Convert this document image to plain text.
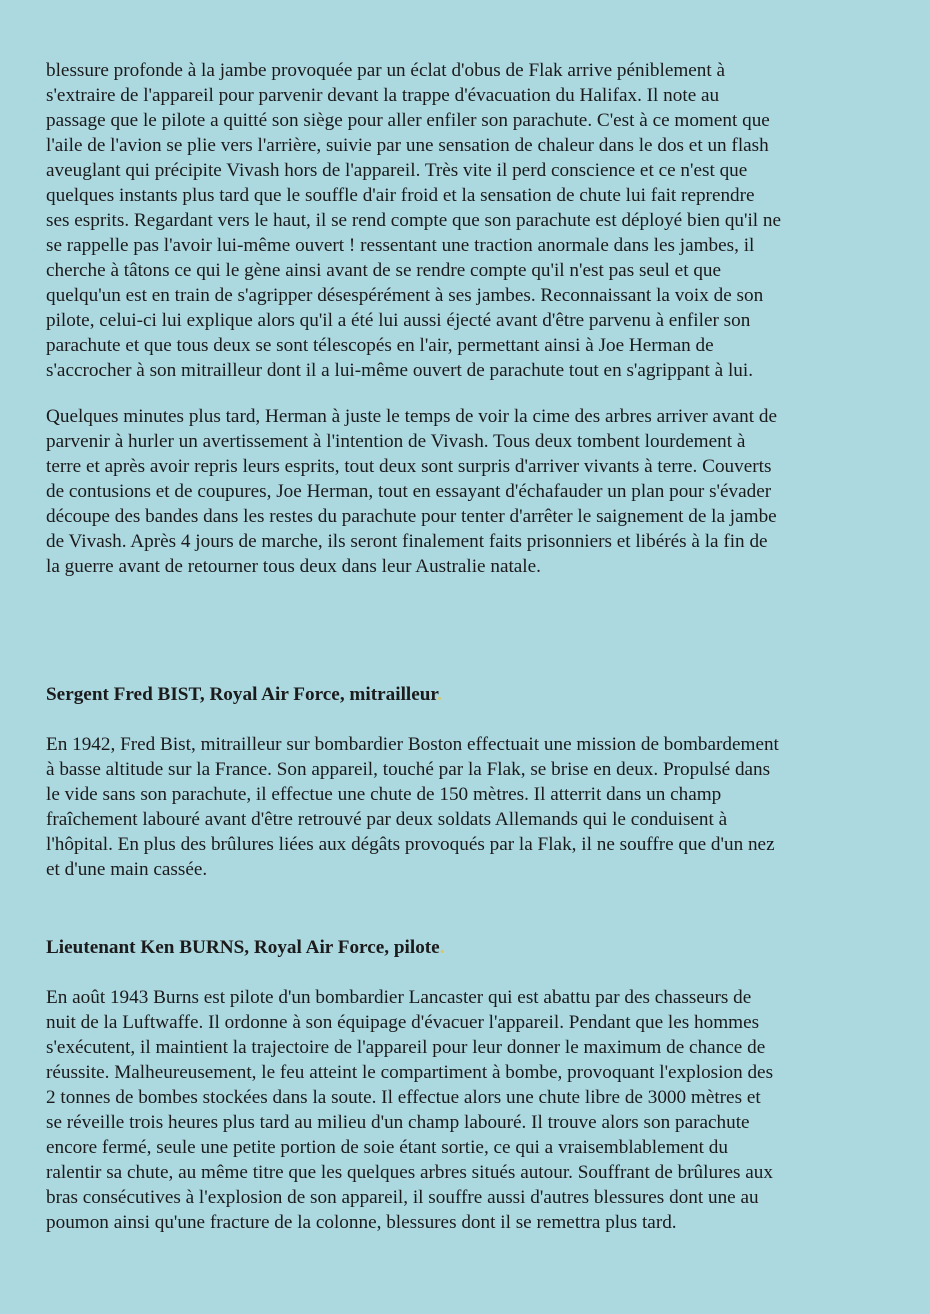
blessure profonde à la jambe provoquée par un éclat d'obus de Flak arrive péniblement à
s'extraire de l'appareil pour parvenir devant la trappe d'évacuation du Halifax. Il note au
passage que le pilote a quitté son siège pour aller enfiler son parachute. C'est à ce moment que
l'aile de l'avion se plie vers l'arrière, suivie par une sensation de chaleur dans le dos et un flash
aveuglant qui précipite Vivash hors de l'appareil. Très vite il perd conscience et ce n'est que
quelques instants plus tard que le souffle d'air froid et la sensation de chute lui fait reprendre
ses esprits. Regardant vers le haut, il se rend compte que son parachute est déployé bien qu'il ne
se rappelle pas l'avoir lui-même ouvert ! ressentant une traction anormale dans les jambes, il
cherche à tâtons ce qui le gène ainsi avant de se rendre compte qu'il n'est pas seul et que
quelqu'un est en train de s'agripper désespérément à ses jambes. Reconnaissant la voix de son
pilote, celui-ci lui explique alors qu'il a été lui aussi éjecté avant d'être parvenu à enfiler son
parachute et que tous deux se sont télescopés en l'air, permettant ainsi à Joe Herman de
s'accrocher à son mitrailleur dont il a lui-même ouvert de parachute tout en s'agrippant à lui.

Quelques minutes plus tard, Herman à juste le temps de voir la cime des arbres arriver avant de
parvenir à hurler un avertissement à l'intention de Vivash. Tous deux tombent lourdement à
terre et après avoir repris leurs esprits, tout deux sont surpris d'arriver vivants à terre. Couverts
de contusions et de coupures, Joe Herman, tout en essayant d'échafauder un plan pour s'évader
découpe des bandes dans les restes du parachute pour tenter d'arrêter le saignement de la jambe
de Vivash. Après 4 jours de marche, ils seront finalement faits prisonniers et libérés à la fin de
la guerre avant de retourner tous deux dans leur Australie natale.

Sergent Fred BIST, Royal Air Force, mitrailleur.

En 1942, Fred Bist, mitrailleur sur bombardier Boston effectuait une mission de bombardement
à basse altitude sur la France. Son appareil, touché par la Flak, se brise en deux. Propulsé dans
le vide sans son parachute, il effectue une chute de 150 mètres. Il atterrit dans un champ
fraîchement labouré avant d'être retrouvé par deux soldats Allemands qui le conduisent à
l'hôpital. En plus des brûlures liées aux dégâts provoqués par la Flak, il ne souffre que d'un nez
et d'une main cassée.

Lieutenant Ken BURNS, Royal Air Force, pilote.

En août 1943 Burns est pilote d'un bombardier Lancaster qui est abattu par des chasseurs de
nuit de la Luftwaffe. Il ordonne à son équipage d'évacuer l'appareil. Pendant que les hommes
s'exécutent, il maintient la trajectoire de l'appareil pour leur donner le maximum de chance de
réussite. Malheureusement, le feu atteint le compartiment à bombe, provoquant l'explosion des
2 tonnes de bombes stockées dans la soute. Il effectue alors une chute libre de 3000 mètres et
se réveille trois heures plus tard au milieu d'un champ labouré. Il trouve alors son parachute
encore fermé, seule une petite portion de soie étant sortie, ce qui a vraisemblablement du
ralentir sa chute, au même titre que les quelques arbres situés autour. Souffrant de brûlures aux
bras consécutives à l'explosion de son appareil, il souffre aussi d'autres blessures dont une au
poumon ainsi qu'une fracture de la colonne, blessures dont il se remettra plus tard.
